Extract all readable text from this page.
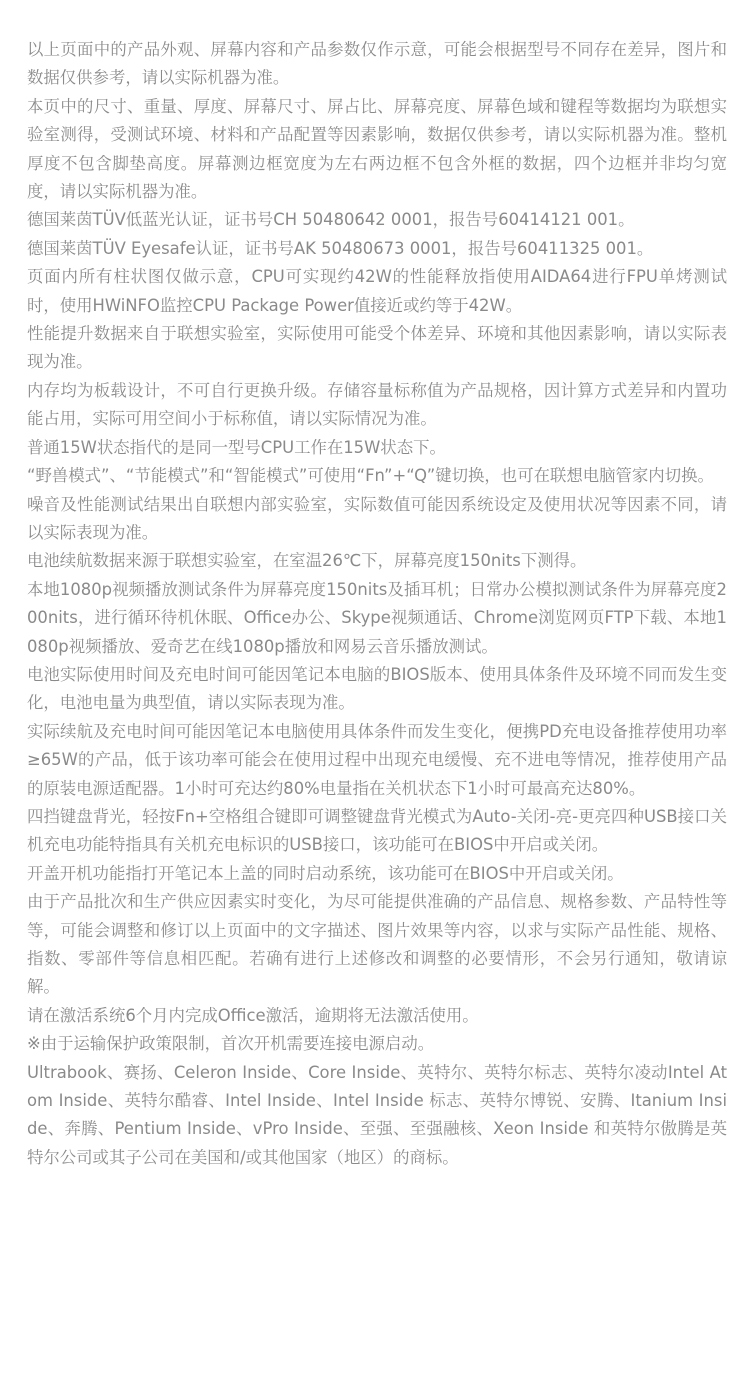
以上页面中的产品外观、屏幕内容和产品参数仅作示意，可能会根据型号不同存在差异，图片和数据仅供参考，请以实际机器为准。

本页中的尺寸、重量、厚度、屏幕尺寸、屏占比、屏幕亮度、屏幕色域和键程等数据均为联想实验室测得，受测试环境、材料和产品配置等因素影响，数据仅供参考，请以实际机器为准。整机厚度不包含脚垫高度。屏幕测边框宽度为左右两边框不包含外框的数据，四个边框并非均匀宽度，请以实际机器为准。

德国莱茵TÜV低蓝光认证，证书号CH 50480642 0001，报告号60414121 001。

德国莱茵TÜV Eyesafe认证，证书号AK 50480673 0001，报告号60411325 001。

页面内所有柱状图仅做示意，CPU可实现约42W的性能释放指使用AIDA64进行FPU单烤测试时，使用HWiNFO监控CPU Package Power值接近或约等于42W。

性能提升数据来自于联想实验室，实际使用可能受个体差异、环境和其他因素影响，请以实际表现为准。

内存均为板载设计，不可自行更换升级。存储容量标称值为产品规格，因计算方式差异和内置功能占用，实际可用空间小于标称值，请以实际情况为准。

普通15W状态指代的是同一型号CPU工作在15W状态下。

“野兽模式”、“节能模式”和“智能模式”可使用“Fn”+“Q”键切换，也可在联想电脑管家内切换。

噪音及性能测试结果出自联想内部实验室，实际数值可能因系统设定及使用状况等因素不同，请以实际表现为准。

电池续航数据来源于联想实验室，在室温26℃下，屏幕亮度150nits下测得。

本地1080p视频播放测试条件为屏幕亮度150nits及插耳机；日常办公模拟测试条件为屏幕亮度200nits，进行循环待机休眠、Office办公、Skype视频通话、Chrome浏览网页FTP下载、本地1080p视频播放、爱奇艺在线1080p播放和网易云音乐播放测试。

电池实际使用时间及充电时间可能因笔记本电脑的BIOS版本、使用具体条件及环境不同而发生变化，电池电量为典型值，请以实际表现为准。

实际续航及充电时间可能因笔记本电脑使用具体条件而发生变化，便携PD充电设备推荐使用功率≥65W的产品，低于该功率可能会在使用过程中出现充电缓慢、充不进电等情况，推荐使用产品的原装电源适配器。1小时可充达约80%电量指在关机状态下1小时可最高充达80%。

四挡键盘背光，轻按Fn+空格组合键即可调整键盘背光模式为Auto-关闭-亮-更亮四种USB接口关机充电功能特指具有关机充电标识的USB接口，该功能可在BIOS中开启或关闭。

开盖开机功能指打开笔记本上盖的同时启动系统，该功能可在BIOS中开启或关闭。

由于产品批次和生产供应因素实时变化，为尽可能提供准确的产品信息、规格参数、产品特性等等，可能会调整和修订以上页面中的文字描述、图片效果等内容，以求与实际产品性能、规格、指数、零部件等信息相匹配。若确有进行上述修改和调整的必要情形，不会另行通知，敬请谅解。

请在激活系统6个月内完成Office激活，逾期将无法激活使用。

※由于运输保护政策限制，首次开机需要连接电源启动。

Ultrabook、赛扬、Celeron Inside、Core Inside、英特尔、英特尔标志、英特尔凌动Intel Atom Inside、英特尔酷睿、Intel Inside、Intel Inside 标志、英特尔博锐、安腾、Itanium Inside、奔腾、Pentium Inside、vPro Inside、至强、至强融核、Xeon Inside 和英特尔傲腾是英特尔公司或其子公司在美国和/或其他国家（地区）的商标。
